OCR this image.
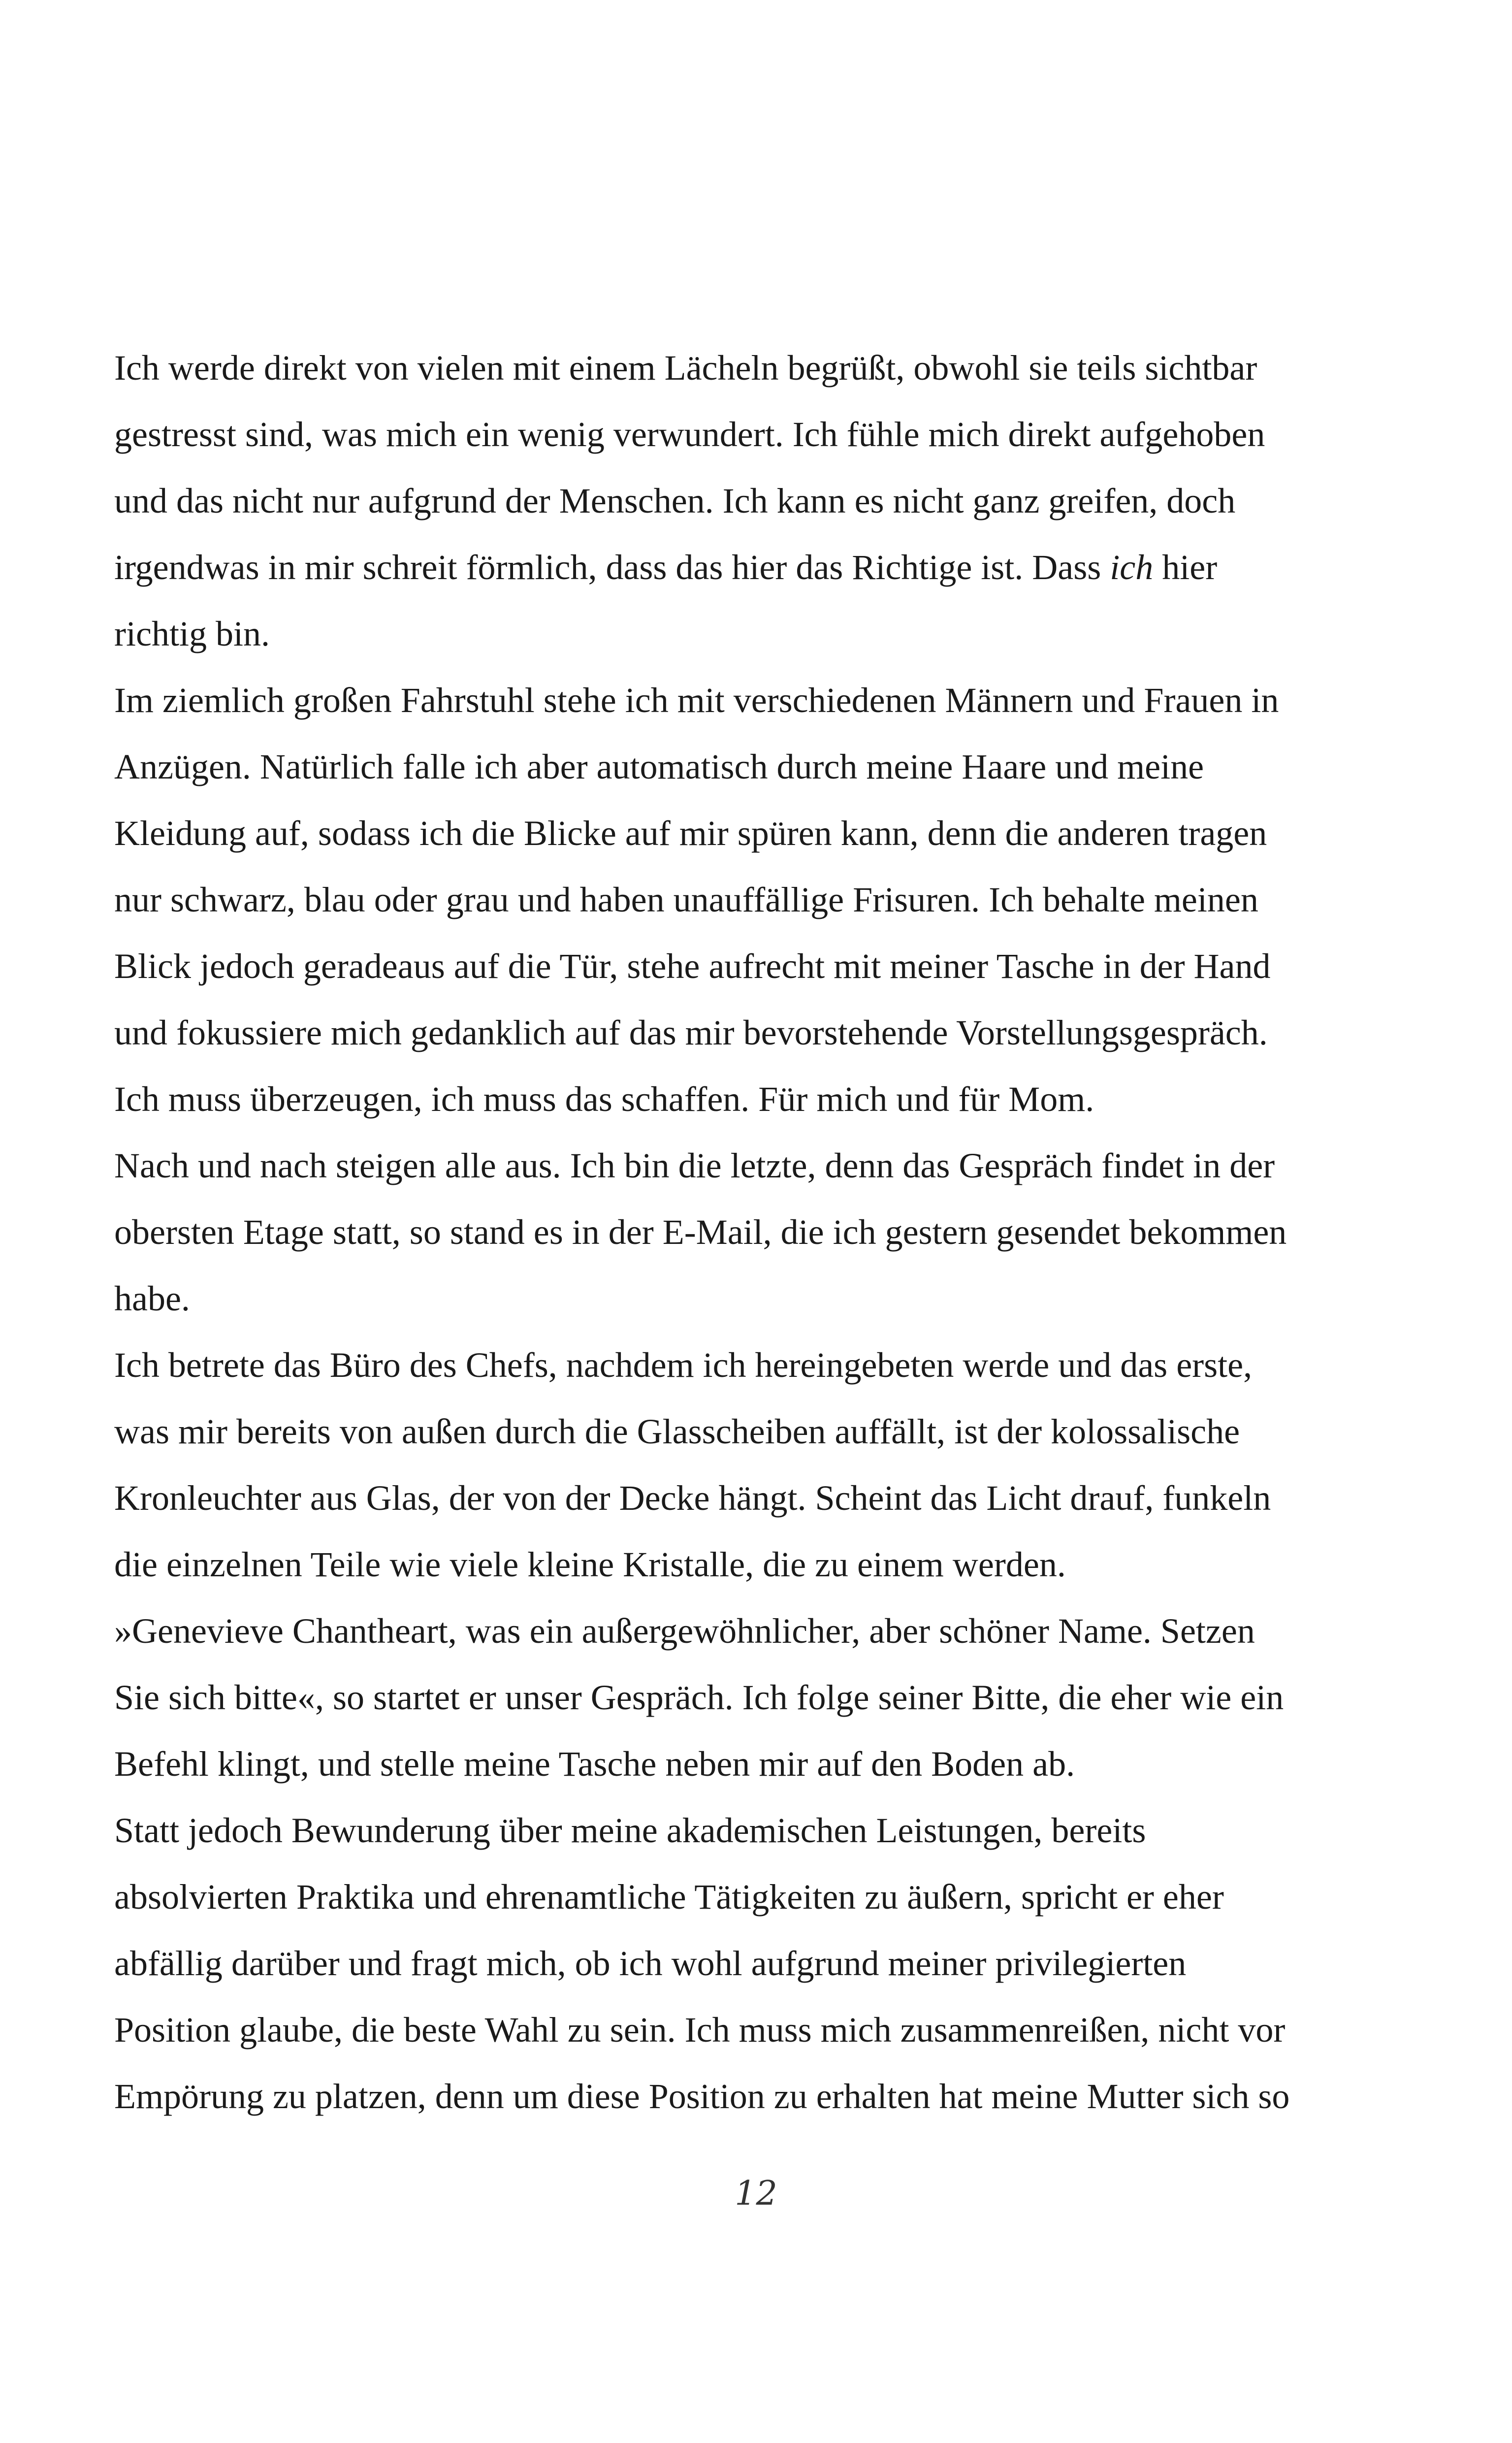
Ich werde direkt von vielen mit einem Lächeln begrüßt, obwohl sie teils sichtbar
gestresst sind, was mich ein wenig verwundert. Ich fühle mich direkt aufgehoben
und das nicht nur aufgrund der Menschen. Ich kann es nicht ganz greifen, doch
irgendwas in mir schreit förmlich, dass das hier das Richtige ist. Dass ich hier
richtig bin.

Im ziemlich großen Fahrstuhl stehe ich mit verschiedenen Männern und Frauen in
Anzügen. Natürlich falle ich aber automatisch durch meine Haare und meine
Kleidung auf, sodass ich die Blicke auf mir spüren kann, denn die anderen tragen
nur schwarz, blau oder grau und haben unauffällige Frisuren. Ich behalte meinen
Blick jedoch geradeaus auf die Tür, stehe aufrecht mit meiner Tasche in der Hand
und fokussiere mich gedanklich auf das mir bevorstehende Vorstellungsgespräch.
Ich muss überzeugen, ich muss das schaffen. Für mich und für Mom.

Nach und nach steigen alle aus. Ich bin die letzte, denn das Gespräch findet in der
obersten Etage statt, so stand es in der E-Mail, die ich gestern gesendet bekommen
habe.

Ich betrete das Büro des Chefs, nachdem ich hereingebeten werde und das erste,
was mir bereits von außen durch die Glasscheiben auffällt, ist der kolossalische
Kronleuchter aus Glas, der von der Decke hängt. Scheint das Licht drauf, funkeln
die einzelnen Teile wie viele kleine Kristalle, die zu einem werden.

»Genevieve Chantheart, was ein außergewöhnlicher, aber schöner Name. Setzen
Sie sich bitte«, so startet er unser Gespräch. Ich folge seiner Bitte, die eher wie ein
Befehl klingt, und stelle meine Tasche neben mir auf den Boden ab.

Statt jedoch Bewunderung über meine akademischen Leistungen, bereits
absolvierten Praktika und ehrenamtliche Tätigkeiten zu äußern, spricht er eher
abfällig darüber und fragt mich, ob ich wohl aufgrund meiner privilegierten
Position glaube, die beste Wahl zu sein. Ich muss mich zusammenreißen, nicht vor
Empörung zu platzen, denn um diese Position zu erhalten hat meine Mutter sich so

12
